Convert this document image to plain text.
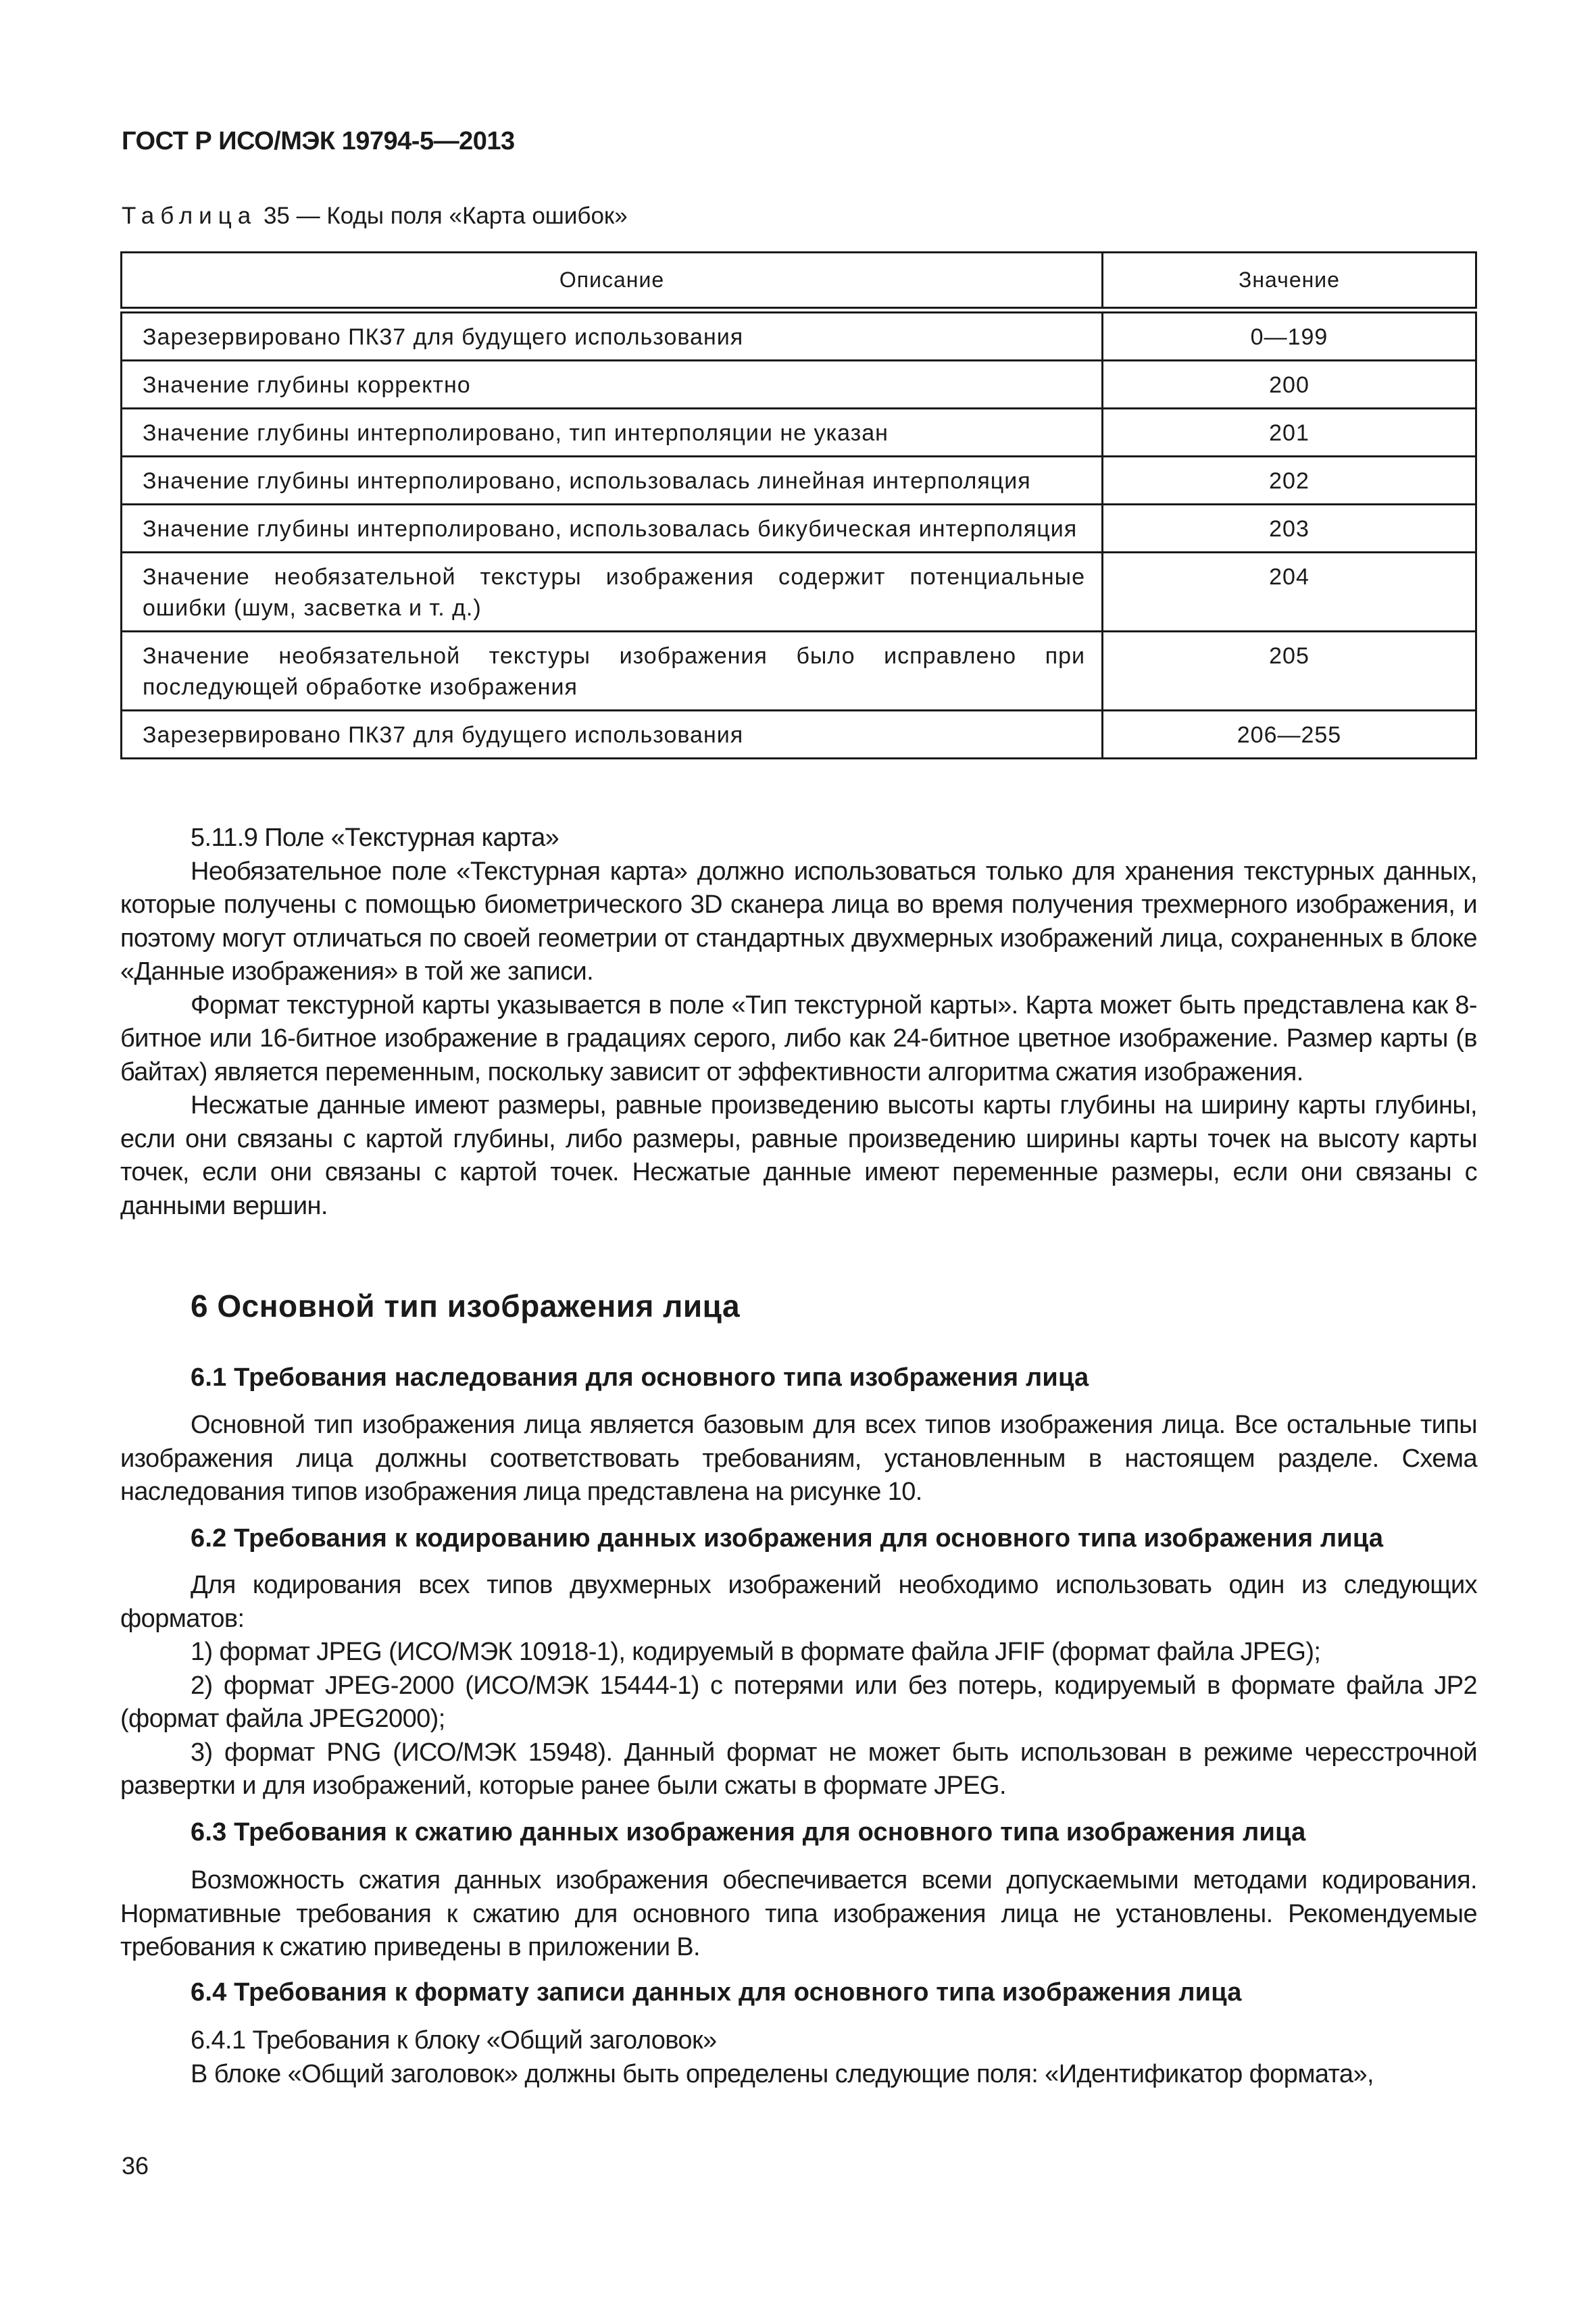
ГОСТ Р ИСО/МЭК 19794-5—2013
Таблица 35 — Коды поля «Карта ошибок»
Описание	Значение
Зарезервировано ПК37 для будущего использования	0—199
Значение глубины корректно	200
Значение глубины интерполировано, тип интерполяции не указан	201
Значение глубины интерполировано, использовалась линейная интерполяция	202
Значение глубины интерполировано, использовалась бикубическая интерполяция	203
Значение необязательной текстуры изображения содержит потенциальные ошибки (шум, засветка и т. д.)	204
Значение необязательной текстуры изображения было исправлено при последующей обработке изображения	205
Зарезервировано ПК37 для будущего использования	206—255

5.11.9 Поле «Текстурная карта»

Необязательное поле «Текстурная карта» должно использоваться только для хранения текстурных данных, которые получены с помощью биометрического 3D сканера лица во время получения трехмерного изображения, и поэтому могут отличаться по своей геометрии от стандартных двухмерных изображений лица, сохраненных в блоке «Данные изображения» в той же записи.

Формат текстурной карты указывается в поле «Тип текстурной карты». Карта может быть представлена как 8-битное или 16-битное изображение в градациях серого, либо как 24-битное цветное изображение. Размер карты (в байтах) является переменным, поскольку зависит от эффективности алгоритма сжатия изображения.

Несжатые данные имеют размеры, равные произведению высоты карты глубины на ширину карты глубины, если они связаны с картой глубины, либо размеры, равные произведению ширины карты точек на высоту карты точек, если они связаны с картой точек. Несжатые данные имеют переменные размеры, если они связаны с данными вершин.

6 Основной тип изображения лица
6.1 Требования наследования для основного типа изображения лица

Основной тип изображения лица является базовым для всех типов изображения лица. Все остальные типы изображения лица должны соответствовать требованиям, установленным в настоящем разделе. Схема наследования типов изображения лица представлена на рисунке 10.

6.2 Требования к кодированию данных изображения для основного типа изображения лица

Для кодирования всех типов двухмерных изображений необходимо использовать один из следующих форматов:

1) формат JPEG (ИСО/МЭК 10918-1), кодируемый в формате файла JFIF (формат файла JPEG);

2) формат JPEG-2000 (ИСО/МЭК 15444-1) с потерями или без потерь, кодируемый в формате файла JP2 (формат файла JPEG2000);

3) формат PNG (ИСО/МЭК 15948). Данный формат не может быть использован в режиме чересстрочной развертки и для изображений, которые ранее были сжаты в формате JPEG.

6.3 Требования к сжатию данных изображения для основного типа изображения лица

Возможность сжатия данных изображения обеспечивается всеми допускаемыми методами кодирования. Нормативные требования к сжатию для основного типа изображения лица не установлены. Рекомендуемые требования к сжатию приведены в приложении В.

6.4 Требования к формату записи данных для основного типа изображения лица

6.4.1 Требования к блоку «Общий заголовок»

В блоке «Общий заголовок» должны быть определены следующие поля: «Идентификатор формата»,

36
